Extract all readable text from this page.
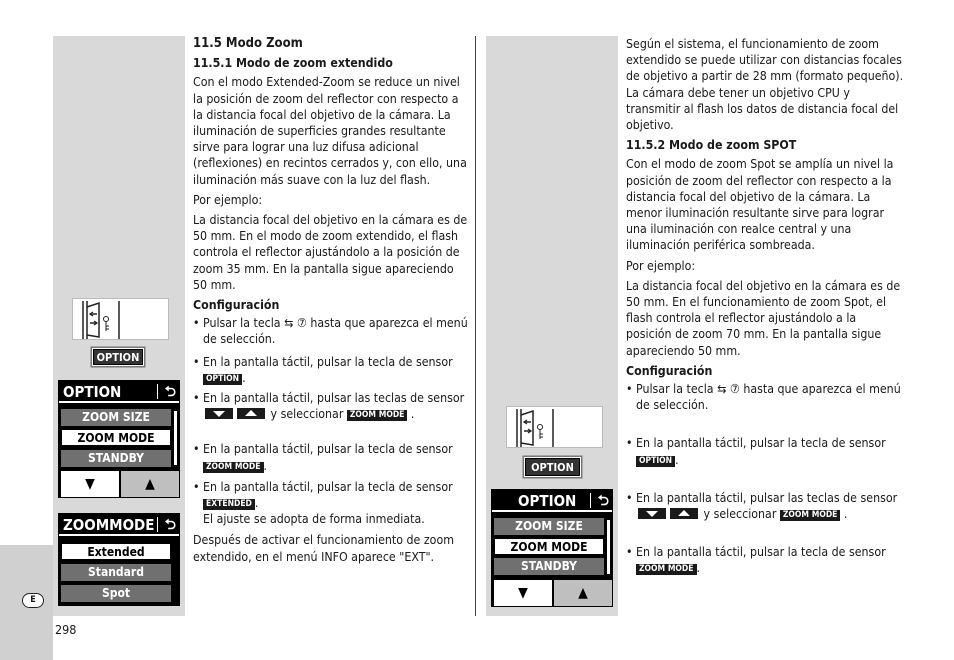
E
298
11.5 Modo Zoom
11.5.1 Modo de zoom extendido

Con el modo Extended-Zoom se reduce un nivel la posición de zoom del reflector con respecto a la distancia focal del objetivo de la cámara. La iluminación de superficies grandes resultante sirve para lograr una luz difusa adicional (reflexiones) en recintos cerrados y, con ello, una iluminación más suave con la luz del flash.

Por ejemplo:

La distancia focal del objetivo en la cámara es de 50 mm. En el modo de zoom extendido, el flash controla el reflector ajustándolo a la posición de zoom 35 mm. En la pantalla sigue apareciendo 50 mm.

Configuración
• Pulsar la tecla ⇆ ⑦ hasta que aparezca el menú de selección.
• En la pantalla táctil, pulsar la tecla de sensor OPTION .
• En la pantalla táctil, pulsar las teclas de sensor  y seleccionar ZOOM MODE .
• En la pantalla táctil, pulsar la tecla de sensor ZOOM MODE .
• En la pantalla táctil, pulsar la tecla de sensor EXTENDED .
El ajuste se adopta de forma inmediata.

Después de activar el funcionamiento de zoom extendido, en el menú INFO aparece "EXT".

OPTION
OPTION	⮌
ZOOM SIZE
ZOOM MODE
STANDBY
▼	▲
ZOOMMODE ⮌
Extended
Standard
Spot

Según el sistema, el funcionamiento de zoom extendido se puede utilizar con distancias focales de objetivo a partir de 28 mm (formato pequeño). La cámara debe tener un objetivo CPU y transmitir al flash los datos de distancia focal del objetivo.

11.5.2 Modo de zoom SPOT

Con el modo de zoom Spot se amplía un nivel la posición de zoom del reflector con respecto a la distancia focal del objetivo de la cámara. La menor iluminación resultante sirve para lograr una iluminación con realce central y una iluminación periférica sombreada.

Por ejemplo:

La distancia focal del objetivo en la cámara es de 50 mm. En el funcionamiento de zoom Spot, el flash controla el reflector ajustándolo a la posición de zoom 70 mm. En la pantalla sigue apareciendo 50 mm.

Configuración
• Pulsar la tecla ⇆ ⑦ hasta que aparezca el menú de selección.
• En la pantalla táctil, pulsar la tecla de sensor OPTION .
• En la pantalla táctil, pulsar las teclas de sensor  y seleccionar ZOOM MODE .
• En la pantalla táctil, pulsar la tecla de sensor ZOOM MODE .
OPTION
OPTION ⮌
ZOOM SIZE
ZOOM MODE
STANDBY
▼	▲
